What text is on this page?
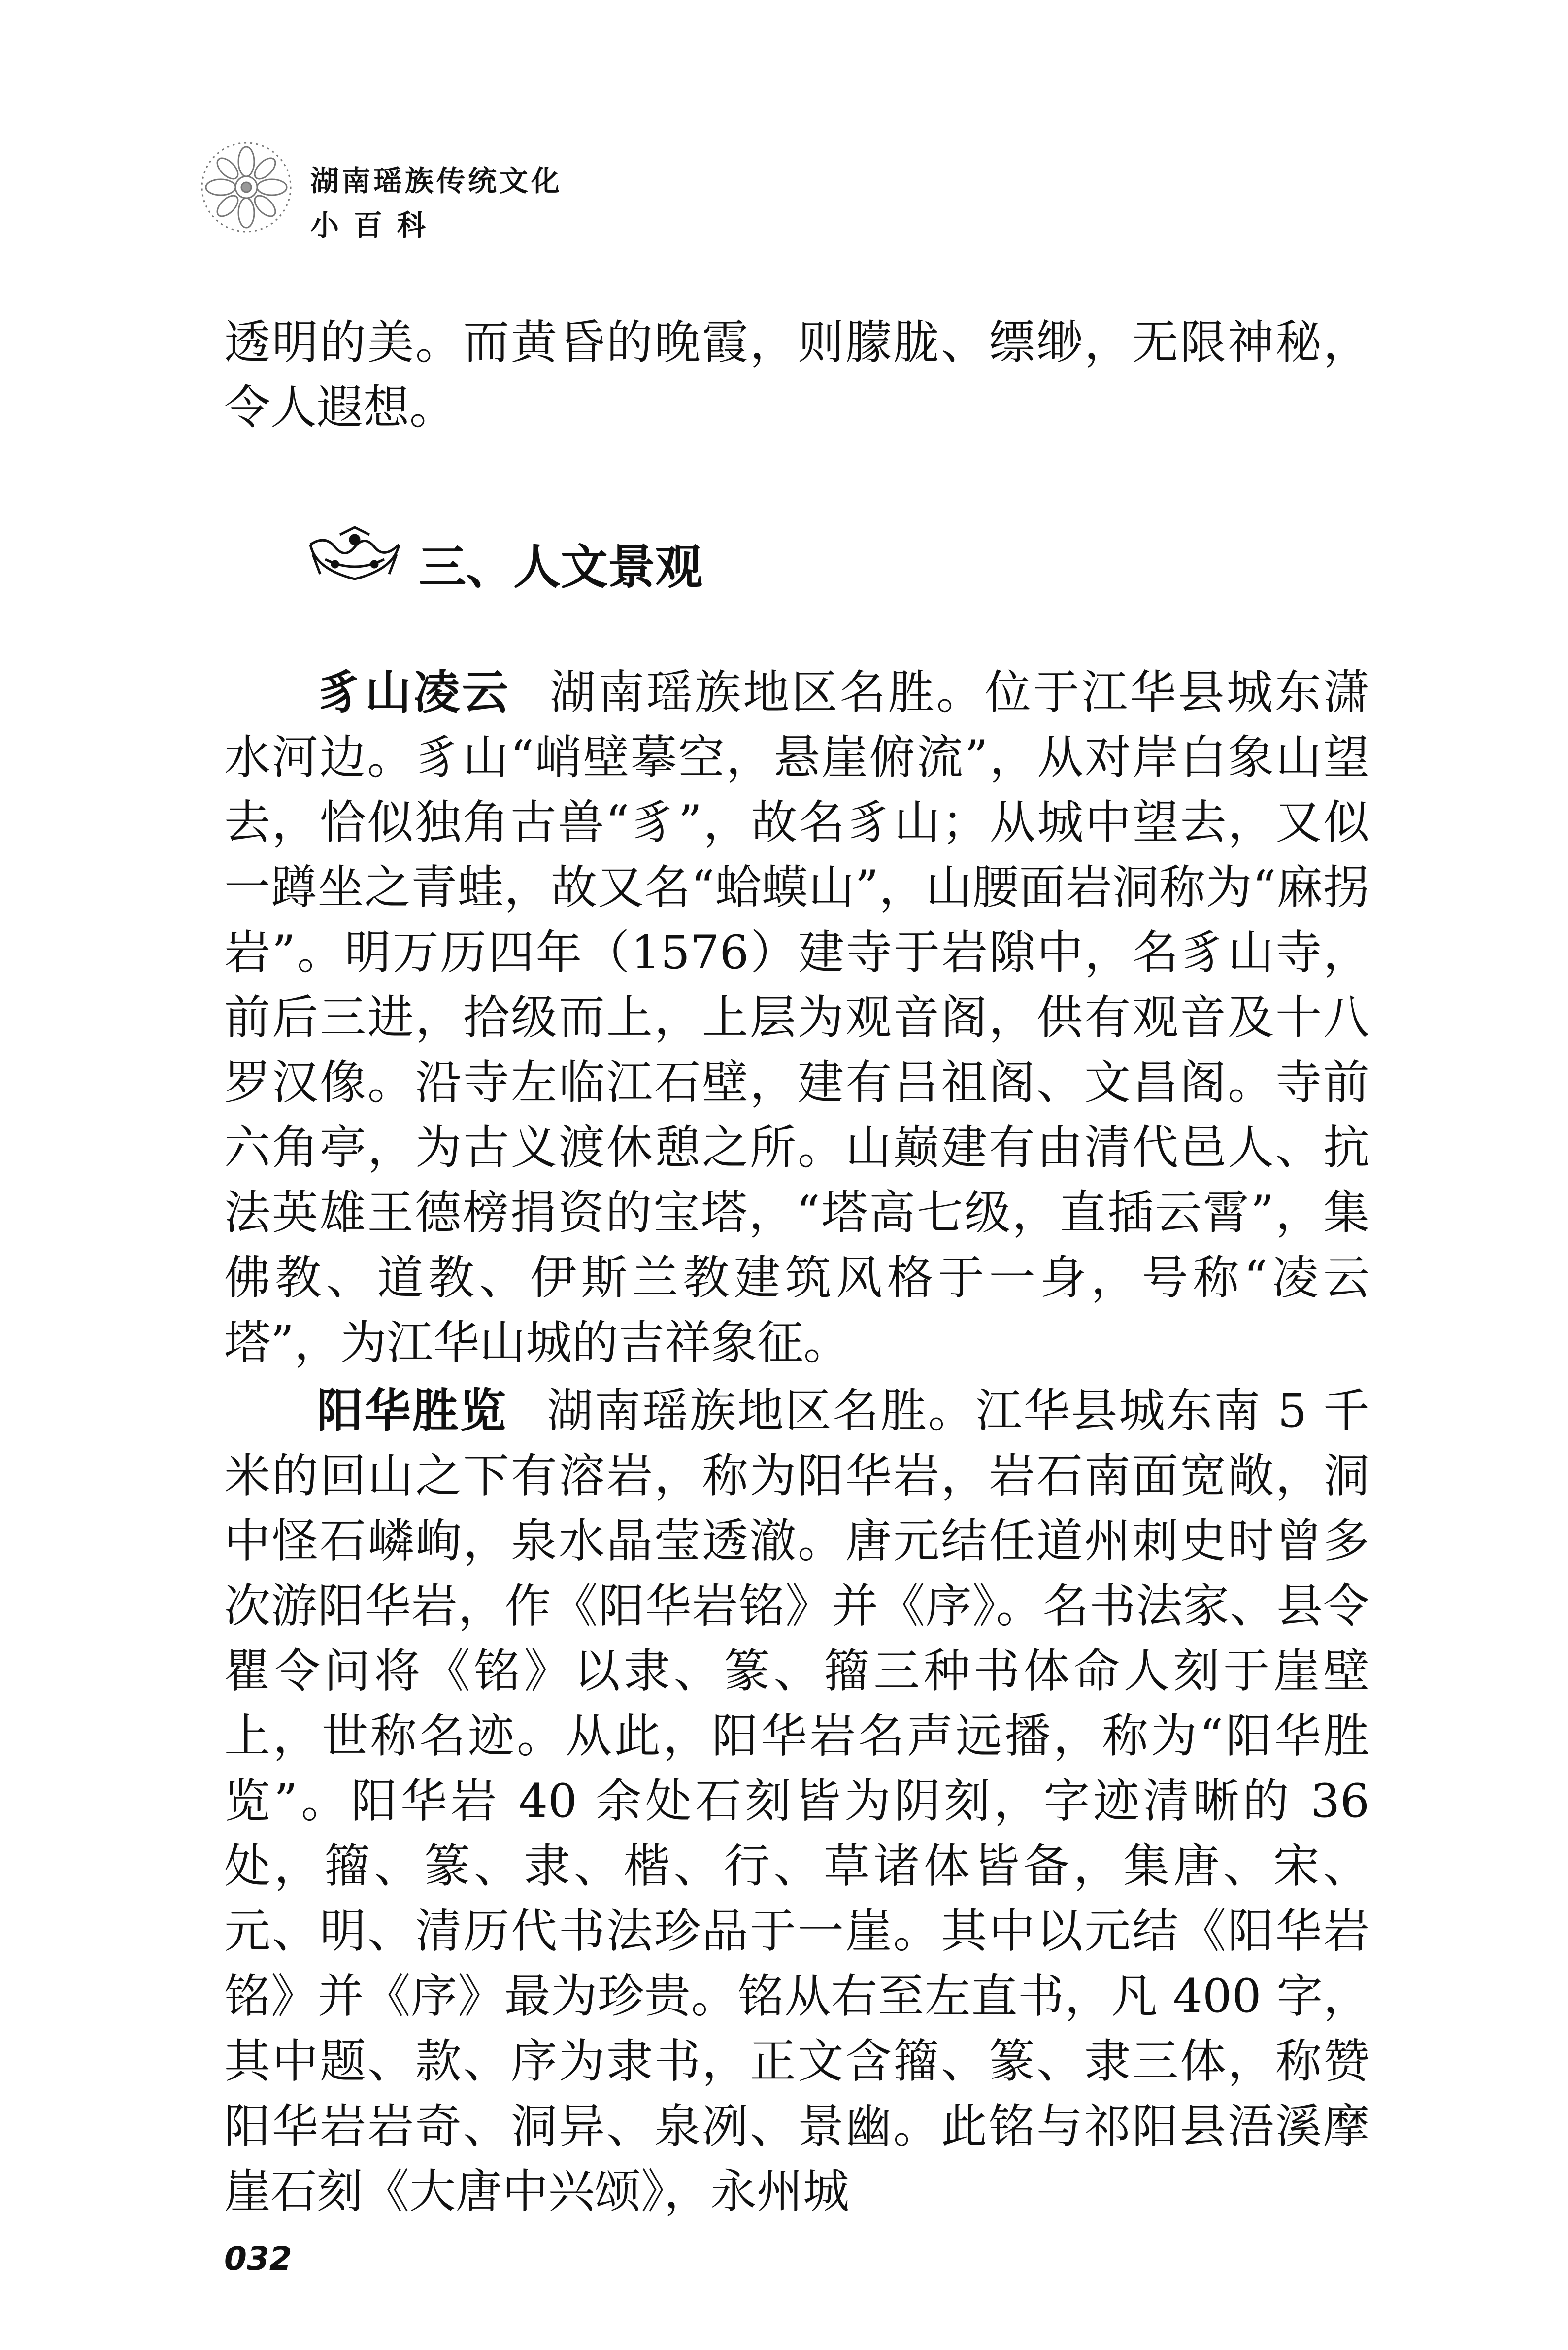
湖南瑶族传统文化
小百科
透明的美。而黄昏的晚霞，则朦胧、缥缈，无限神秘，令人遐想。
三、人文景观

豸山凌云 湖南瑶族地区名胜。位于江华县城东潇水河边。豸山“峭壁摹空，悬崖俯流”，从对岸白象山望去，恰似独角古兽“豸”，故名豸山；从城中望去，又似一蹲坐之青蛙，故又名“蛤蟆山”，山腰面岩洞称为“麻拐岩”。明万历四年（1576）建寺于岩隙中，名豸山寺，前后三进，拾级而上，上层为观音阁，供有观音及十八罗汉像。沿寺左临江石壁，建有吕祖阁、文昌阁。寺前六角亭，为古义渡休憩之所。山巅建有由清代邑人、抗法英雄王德榜捐资的宝塔，“塔高七级，直插云霄”，集佛教、道教、伊斯兰教建筑风格于一身，号称“凌云塔”，为江华山城的吉祥象征。

阳华胜览 湖南瑶族地区名胜。江华县城东南 5 千米的回山之下有溶岩，称为阳华岩，岩石南面宽敞，洞中怪石嶙峋，泉水晶莹透澈。唐元结任道州刺史时曾多次游阳华岩，作《阳华岩铭》并《序》。名书法家、县令瞿令问将《铭》以隶、篆、籀三种书体命人刻于崖壁上，世称名迹。从此，阳华岩名声远播，称为“阳华胜览”。阳华岩 40 余处石刻皆为阴刻，字迹清晰的 36 处，籀、篆、隶、楷、行、草诸体皆备，集唐、宋、元、明、清历代书法珍品于一崖。其中以元结《阳华岩铭》并《序》最为珍贵。铭从右至左直书，凡 400 字，其中题、款、序为隶书，正文含籀、篆、隶三体，称赞阳华岩岩奇、洞异、泉冽、景幽。此铭与祁阳县浯溪摩崖石刻《大唐中兴颂》，永州城

032
